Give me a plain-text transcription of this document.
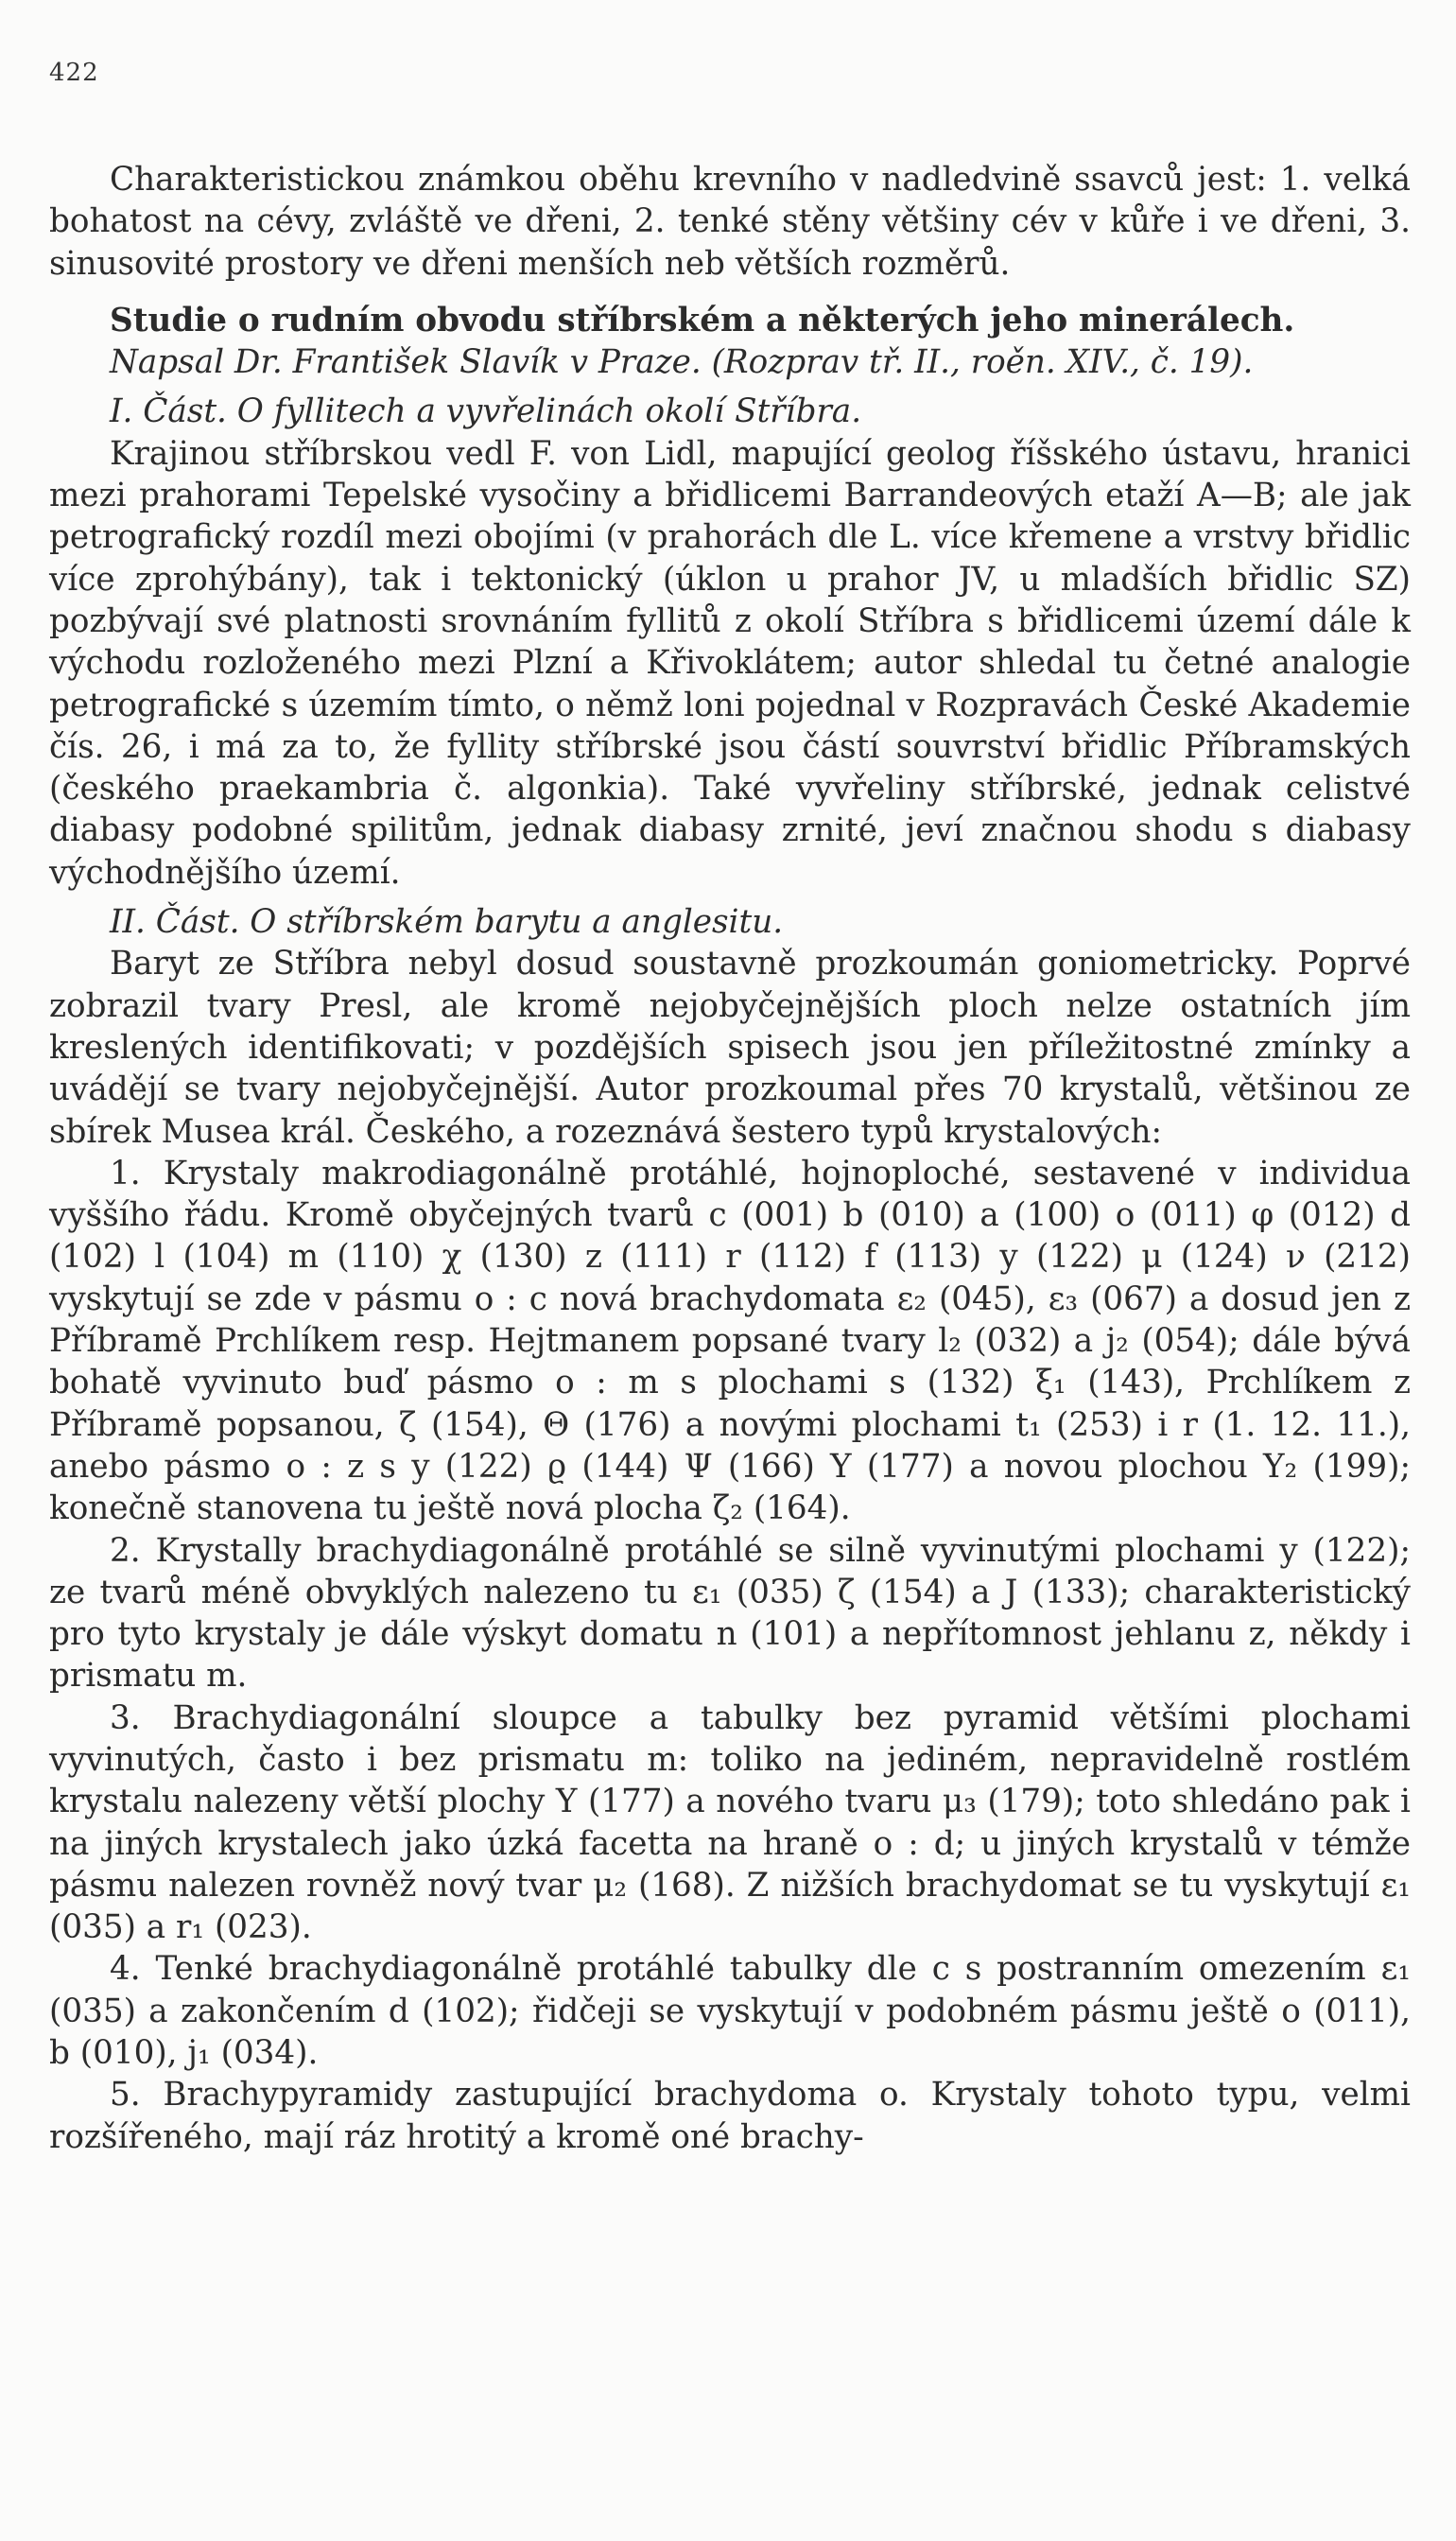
422

Charakteristickou známkou oběhu krevního v nadledvině ssavců jest: 1. velká bohatost na cévy, zvláště ve dřeni, 2. tenké stěny většiny cév v kůře i ve dřeni, 3. sinusovité prostory ve dřeni menších neb větších rozměrů.

Studie o rudním obvodu stříbrském a některých jeho minerálech.

Napsal Dr. František Slavík v Praze. (Rozprav tř. II., roěn. XIV., č. 19).

I. Část. O fyllitech a vyvřelinách okolí Stříbra.

Krajinou stříbrskou vedl F. von Lidl, mapující geolog říšského ústavu, hranici mezi prahorami Tepelské vysočiny a břidlicemi Barrandeových etaží A—B; ale jak petrografický rozdíl mezi obojími (v prahorách dle L. více křemene a vrstvy břidlic více zprohýbány), tak i tektonický (úklon u prahor JV, u mladších břidlic SZ) pozbývají své platnosti srovnáním fyllitů z okolí Stříbra s břidlicemi území dále k východu rozloženého mezi Plzní a Křivoklátem; autor shledal tu četné analogie petrografické s územím tímto, o němž loni pojednal v Rozpravách České Akademie čís. 26, i má za to, že fyllity stříbrské jsou částí souvrství břidlic Příbramských (českého praekambria č. algonkia). Také vyvřeliny stříbrské, jednak celistvé diabasy podobné spilitům, jednak diabasy zrnité, jeví značnou shodu s diabasy východnějšího území.

II. Část. O stříbrském barytu a anglesitu.

Baryt ze Stříbra nebyl dosud soustavně prozkoumán goniometricky. Poprvé zobrazil tvary Presl, ale kromě nejobyčejnějších ploch nelze ostatních jím kreslených identifikovati; v pozdějších spisech jsou jen příležitostné zmínky a uvádějí se tvary nejobyčejnější. Autor prozkoumal přes 70 krystalů, většinou ze sbírek Musea král. Českého, a rozeznává šestero typů krystalových:

1. Krystaly makrodiagonálně protáhlé, hojnoploché, sestavené v individua vyššího řádu. Kromě obyčejných tvarů c (001) b (010) a (100) o (011) φ (012) d (102) l (104) m (110) χ (130) z (111) r (112) f (113) y (122) μ (124) ν (212) vyskytují se zde v pásmu o : c nová brachydomata ε₂ (045), ε₃ (067) a dosud jen z Příbramě Prchlíkem resp. Hejtmanem popsané tvary l₂ (032) a j₂ (054); dále bývá bohatě vyvinuto buď pásmo o : m s plochami s (132) ξ₁ (143), Prchlíkem z Příbramě popsanou, ζ (154), Θ (176) a novými plochami t₁ (253) i r (1. 12. 11.), anebo pásmo o : z s y (122) ϱ (144) Ψ (166) Y (177) a novou plochou Y₂ (199); konečně stanovena tu ještě nová plocha ζ₂ (164).

2. Krystally brachydiagonálně protáhlé se silně vyvinutými plochami y (122); ze tvarů méně obvyklých nalezeno tu ε₁ (035) ζ (154) a J (133); charakteristický pro tyto krystaly je dále výskyt domatu n (101) a nepřítomnost jehlanu z, někdy i prismatu m.

3. Brachydiagonální sloupce a tabulky bez pyramid většími plochami vyvinutých, často i bez prismatu m: toliko na jediném, nepravidelně rostlém krystalu nalezeny větší plochy Y (177) a nového tvaru μ₃ (179); toto shledáno pak i na jiných krystalech jako úzká facetta na hraně o : d; u jiných krystalů v témže pásmu nalezen rovněž nový tvar μ₂ (168). Z nižších brachydomat se tu vyskytují ε₁ (035) a r₁ (023).

4. Tenké brachydiagonálně protáhlé tabulky dle c s postranním omezením ε₁ (035) a zakončením d (102); řidčeji se vyskytují v podobném pásmu ještě o (011), b (010), j₁ (034).

5. Brachypyramidy zastupující brachydoma o. Krystaly tohoto typu, velmi rozšířeného, mají ráz hrotitý a kromě oné brachy-
